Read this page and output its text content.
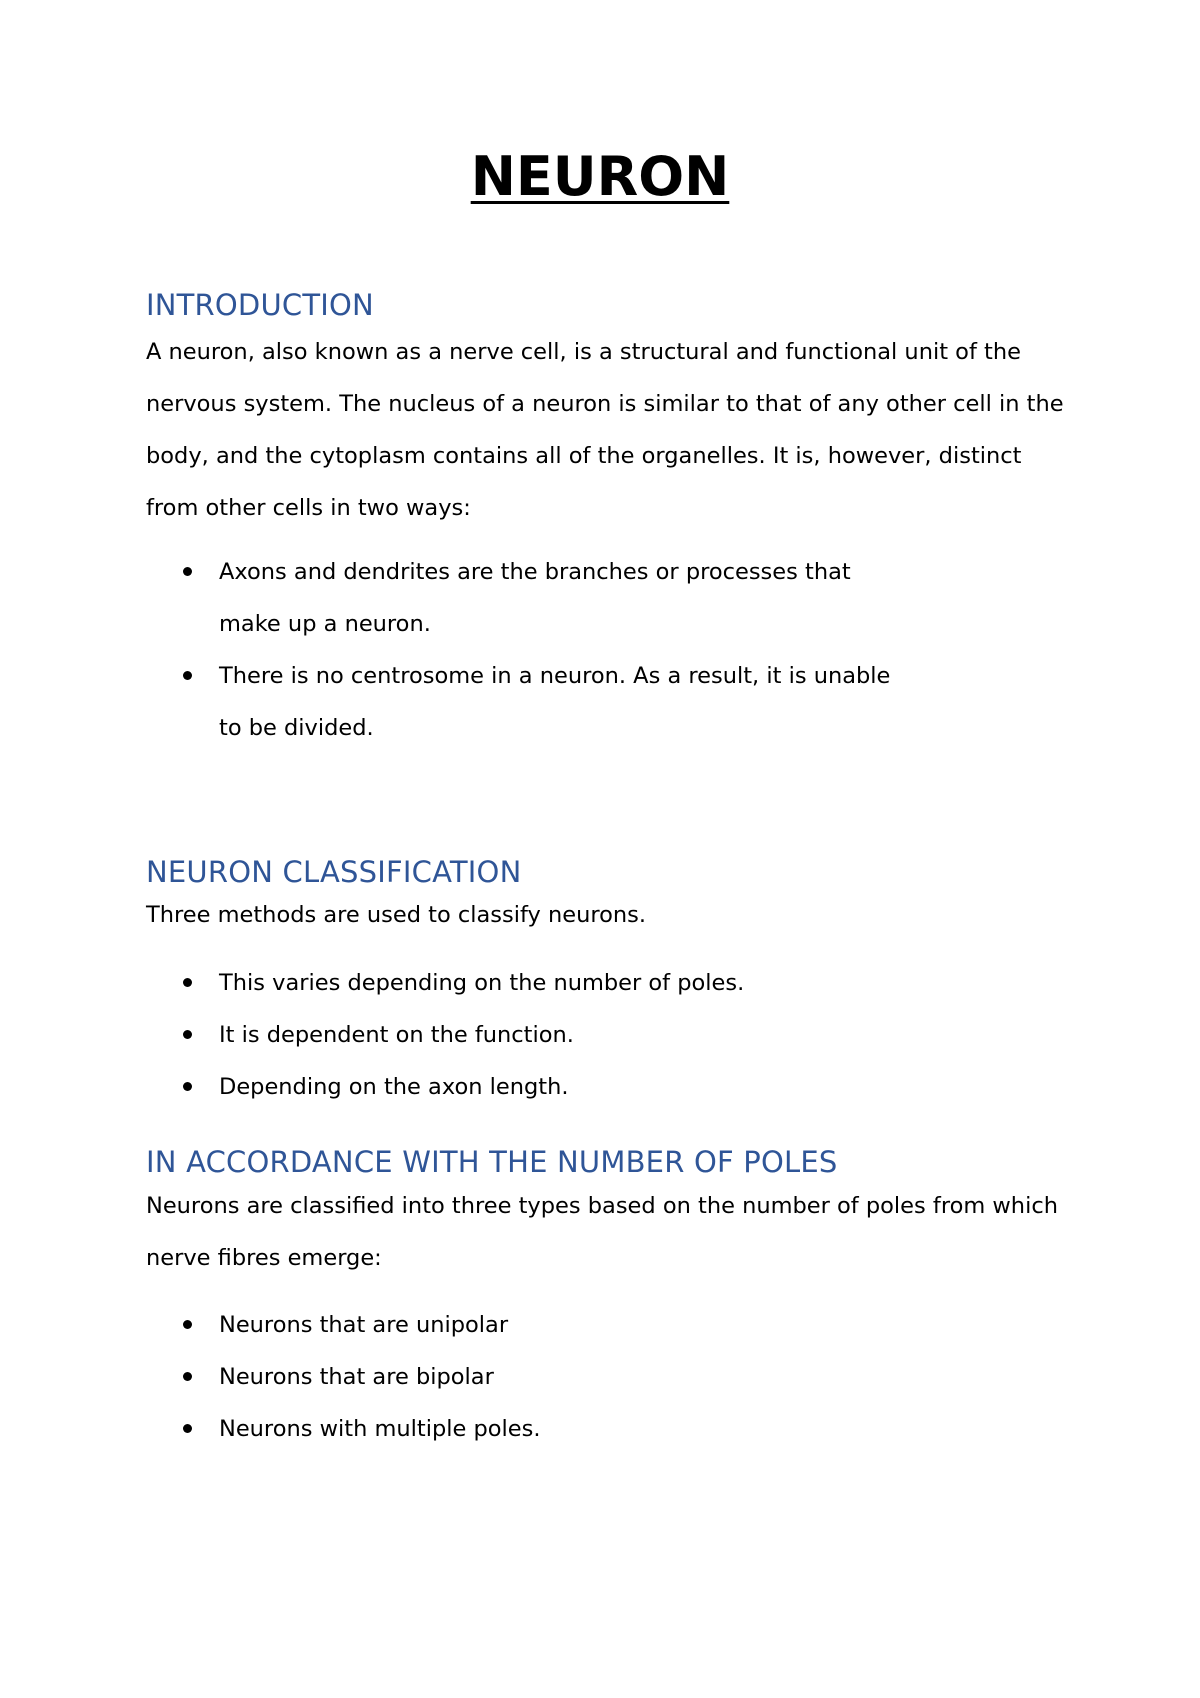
NEURON
INTRODUCTION

A neuron, also known as a nerve cell, is a structural and functional unit of the nervous system. The nucleus of a neuron is similar to that of any other cell in the body, and the cytoplasm contains all of the organelles. It is, however, distinct from other cells in two ways:

Axons and dendrites are the branches or processes that make up a neuron.
There is no centrosome in a neuron. As a result, it is unable to be divided.
NEURON CLASSIFICATION

Three methods are used to classify neurons.

This varies depending on the number of poles.
It is dependent on the function.
Depending on the axon length.
IN ACCORDANCE WITH THE NUMBER OF POLES

Neurons are classified into three types based on the number of poles from which nerve fibres emerge:

Neurons that are unipolar
Neurons that are bipolar
Neurons with multiple poles.
